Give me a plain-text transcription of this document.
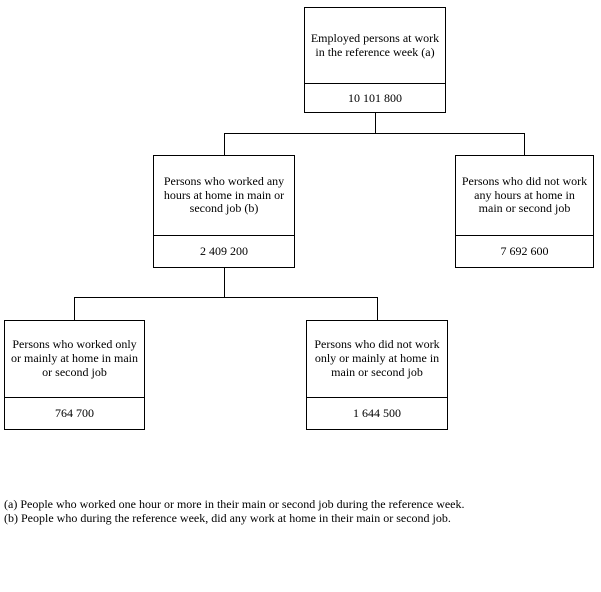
Employed persons at work in the reference week (a)
10 101 800
Persons who worked any hours at home in main or second job (b)
2 409 200
Persons who did not work any hours at home in main or second job
7 692 600
Persons who worked only or mainly at home in main or second job
764 700
Persons who did not work only or mainly at home in main or second job
1 644 500
(a) People who worked one hour or more in their main or second job during the reference week.
(b) People who during the reference week, did any work at home in their main or second job.
